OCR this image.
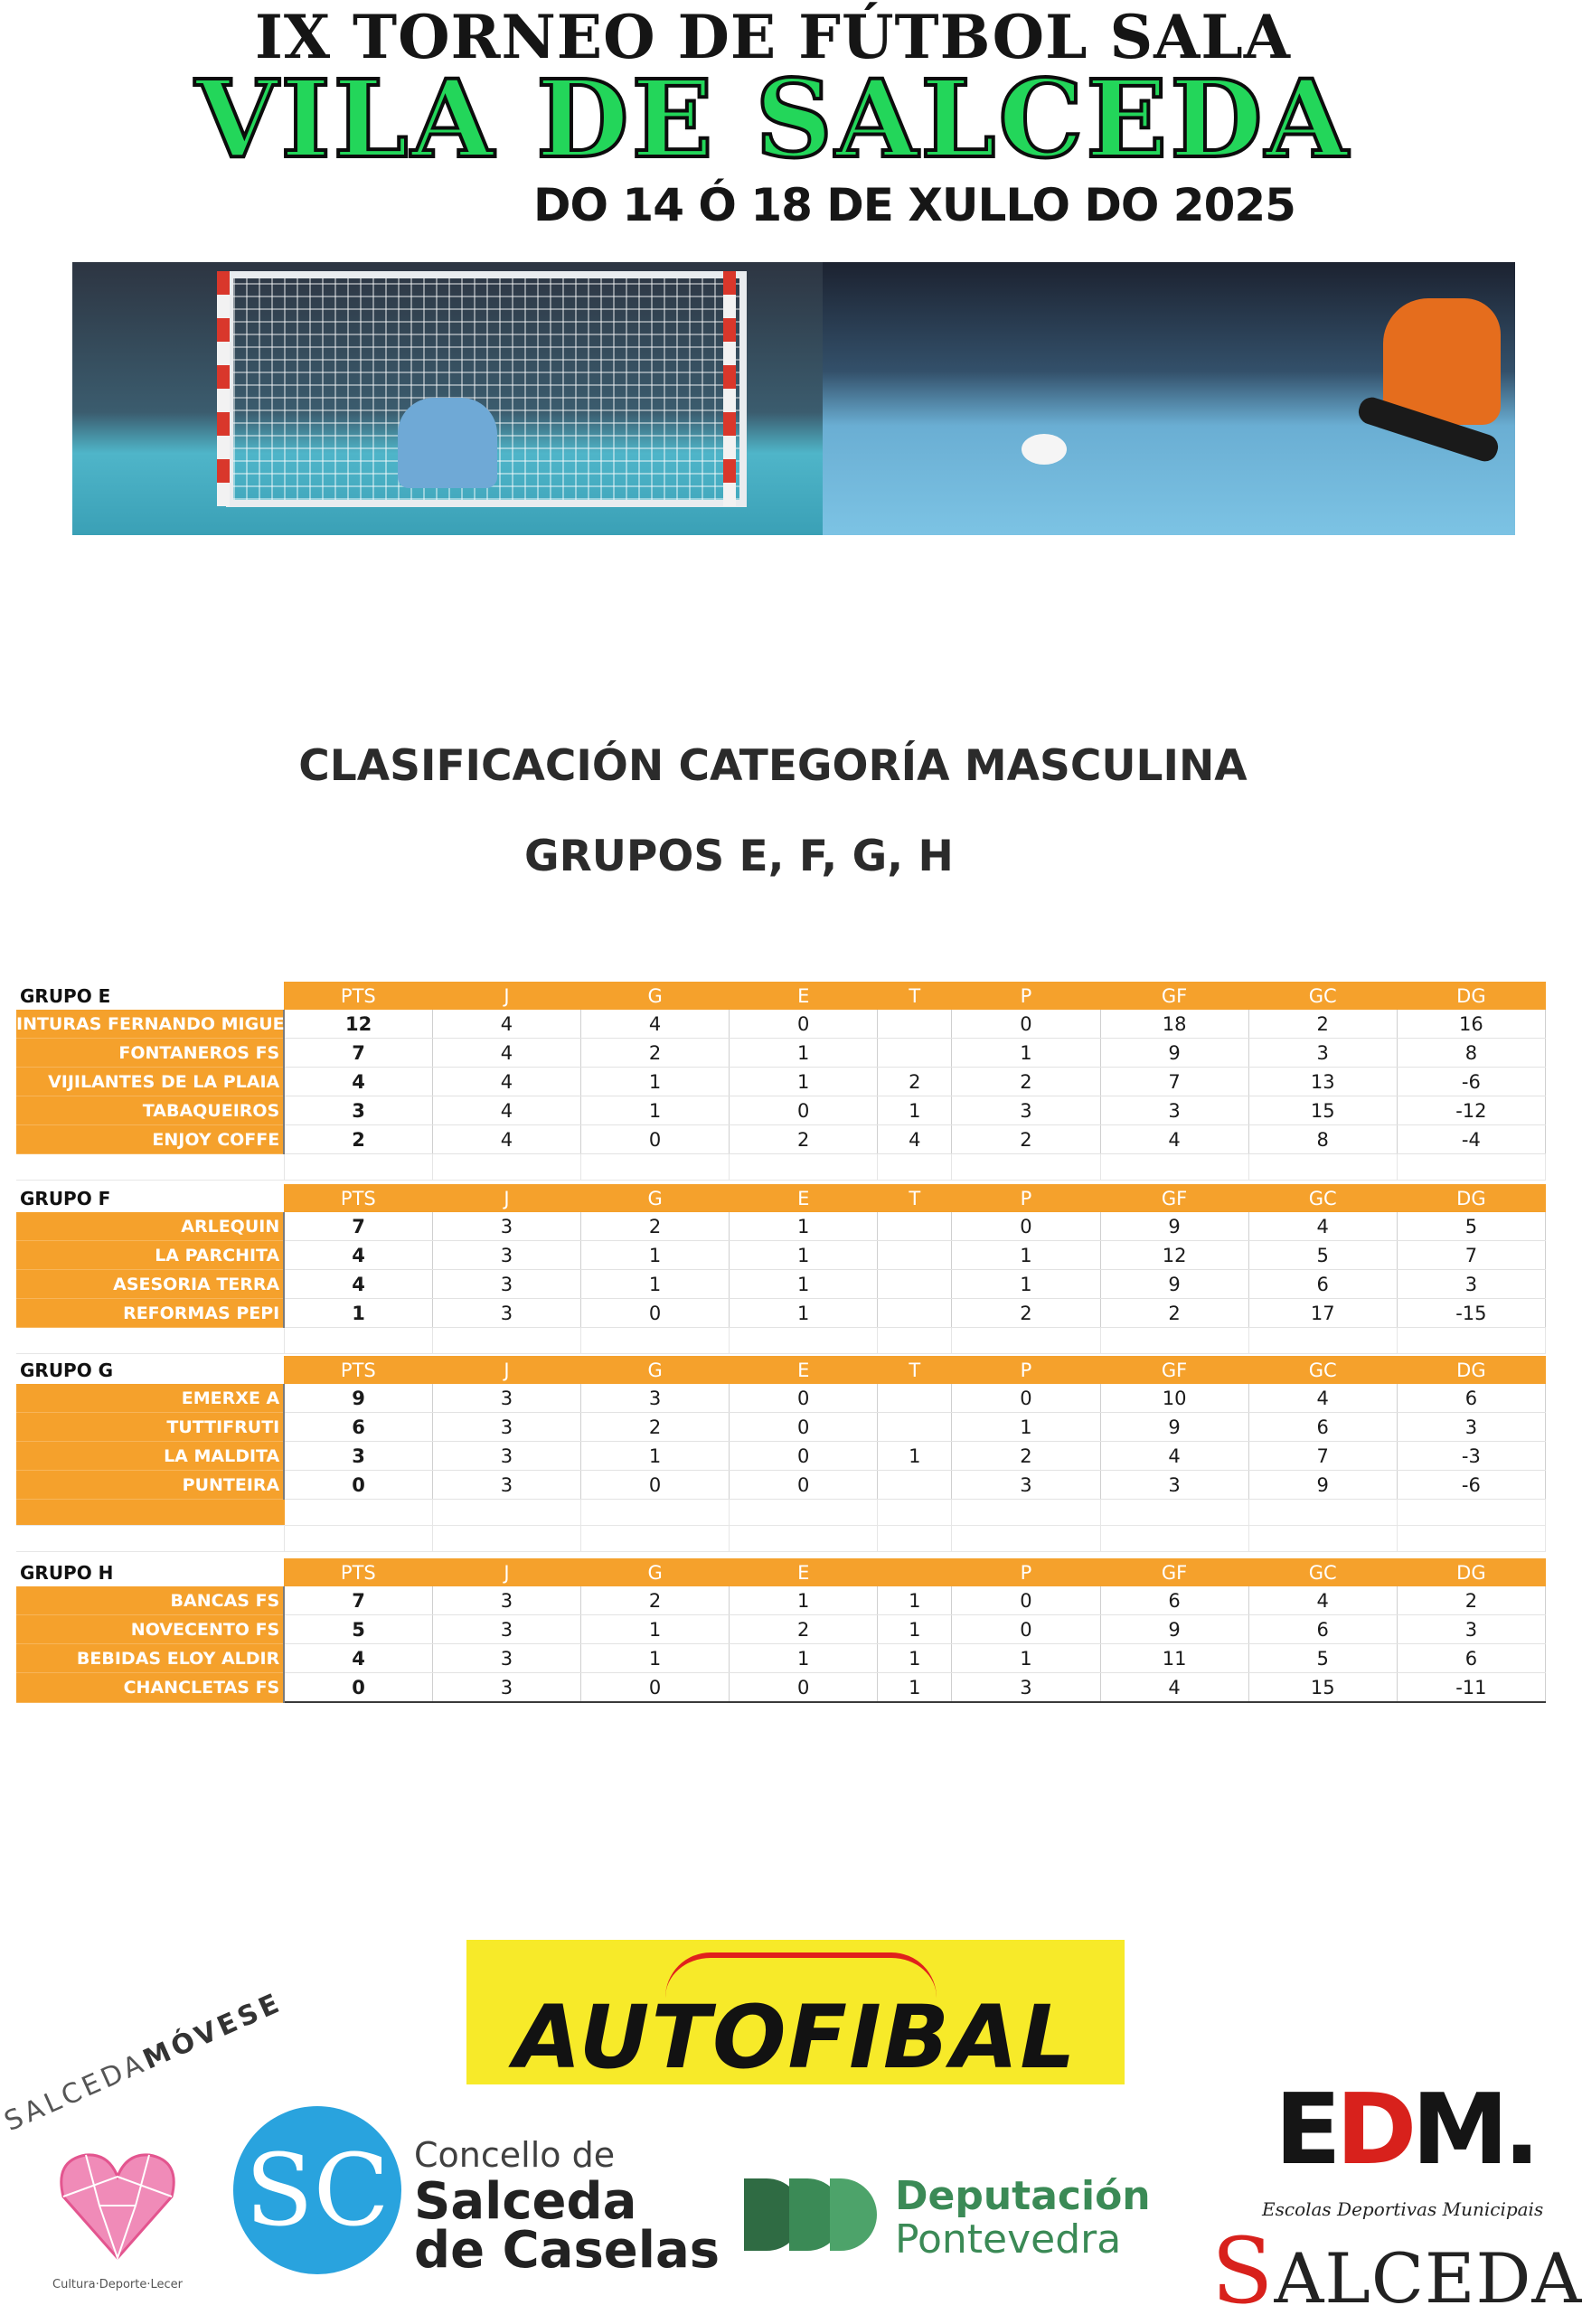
IX TORNEO DE FÚTBOL SALA
VILA DE SALCEDA
DO 14 Ó 18 DE XULLO DO 2025
CLASIFICACIÓN CATEGORÍA MASCULINA
GRUPOS E, F, G, H
GRUPO E	PTS	J	G	E	T	P	GF	GC	DG
INTURAS FERNANDO MIGUEZ	12	4	4	0		0	18	2	16
FONTANEROS FS	7	4	2	1		1	9	3	8
VIJILANTES DE LA PLAIA	4	4	1	1	2	2	7	13	-6
TABAQUEIROS	3	4	1	0	1	3	3	15	-12
ENJOY COFFE	2	4	0	2	4	2	4	8	-4

GRUPO F	PTS	J	G	E	T	P	GF	GC	DG
ARLEQUIN	7	3	2	1		0	9	4	5
LA PARCHITA	4	3	1	1		1	12	5	7
ASESORIA TERRA	4	3	1	1		1	9	6	3
REFORMAS PEPI	1	3	0	1		2	2	17	-15

GRUPO G	PTS	J	G	E	T	P	GF	GC	DG
EMERXE A	9	3	3	0		0	10	4	6
TUTTIFRUTI	6	3	2	0		1	9	6	3
LA MALDITA	3	3	1	0	1	2	4	7	-3
PUNTEIRA	0	3	0	0		3	3	9	-6

GRUPO H	PTS	J	G	E		P	GF	GC	DG
BANCAS FS	7	3	2	1	1	0	6	4	2
NOVECENTO FS	5	3	1	2	1	0	9	6	3
BEBIDAS ELOY ALDIR	4	3	1	1	1	1	11	5	6
CHANCLETAS FS	0	3	0	0	1	3	4	15	-11
AUTOFIBAL
SALCEDAMÓVESE
Cultura·Deporte·Lecer
SC Concello de
Salceda
de Caselas
Deputación
Pontevedra
EDM.
Escolas Deportivas Municipais
SALCEDA
